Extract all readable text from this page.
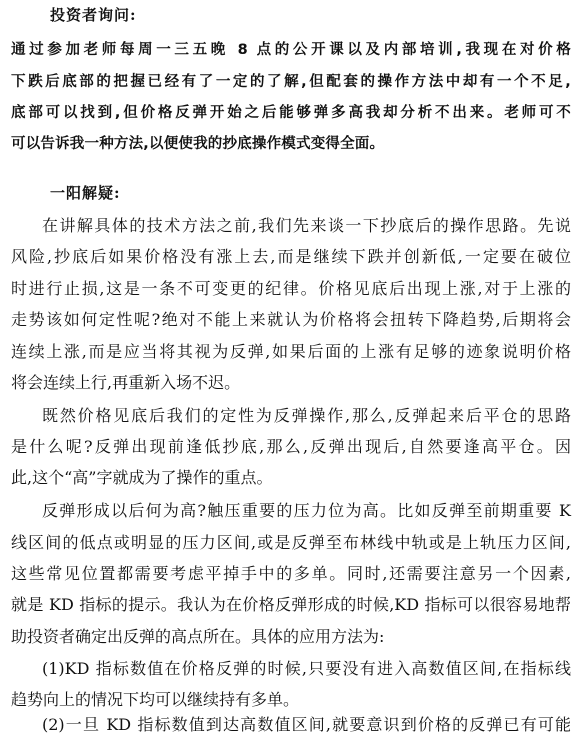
投资者询问:
通过参加老师每周一三五晚 8 点的公开课以及内部培训,我现在对价格
下跌后底部的把握已经有了一定的了解,但配套的操作方法中却有一个不足,
底部可以找到,但价格反弹开始之后能够弹多高我却分析不出来。老师可不
可以告诉我一种方法,以便使我的抄底操作模式变得全面。
一阳解疑:
在讲解具体的技术方法之前,我们先来谈一下抄底后的操作思路。先说
风险,抄底后如果价格没有涨上去,而是继续下跌并创新低,一定要在破位
时进行止损,这是一条不可变更的纪律。价格见底后出现上涨,对于上涨的
走势该如何定性呢?绝对不能上来就认为价格将会扭转下降趋势,后期将会
连续上涨,而是应当将其视为反弹,如果后面的上涨有足够的迹象说明价格
将会连续上行,再重新入场不迟。
既然价格见底后我们的定性为反弹操作,那么,反弹起来后平仓的思路
是什么呢?反弹出现前逢低抄底,那么,反弹出现后,自然要逢高平仓。因
此,这个“高”字就成为了操作的重点。
反弹形成以后何为高?触压重要的压力位为高。比如反弹至前期重要 K
线区间的低点或明显的压力区间,或是反弹至布林线中轨或是上轨压力区间,
这些常见位置都需要考虑平掉手中的多单。同时,还需要注意另一个因素,
就是 KD 指标的提示。我认为在价格反弹形成的时候,KD 指标可以很容易地帮
助投资者确定出反弹的高点所在。具体的应用方法为:
(1)KD 指标数值在价格反弹的时候,只要没有进入高数值区间,在指标线
趋势向上的情况下均可以继续持有多单。
(2)一旦 KD 指标数值到达高数值区间,就要意识到价格的反弹已有可能
